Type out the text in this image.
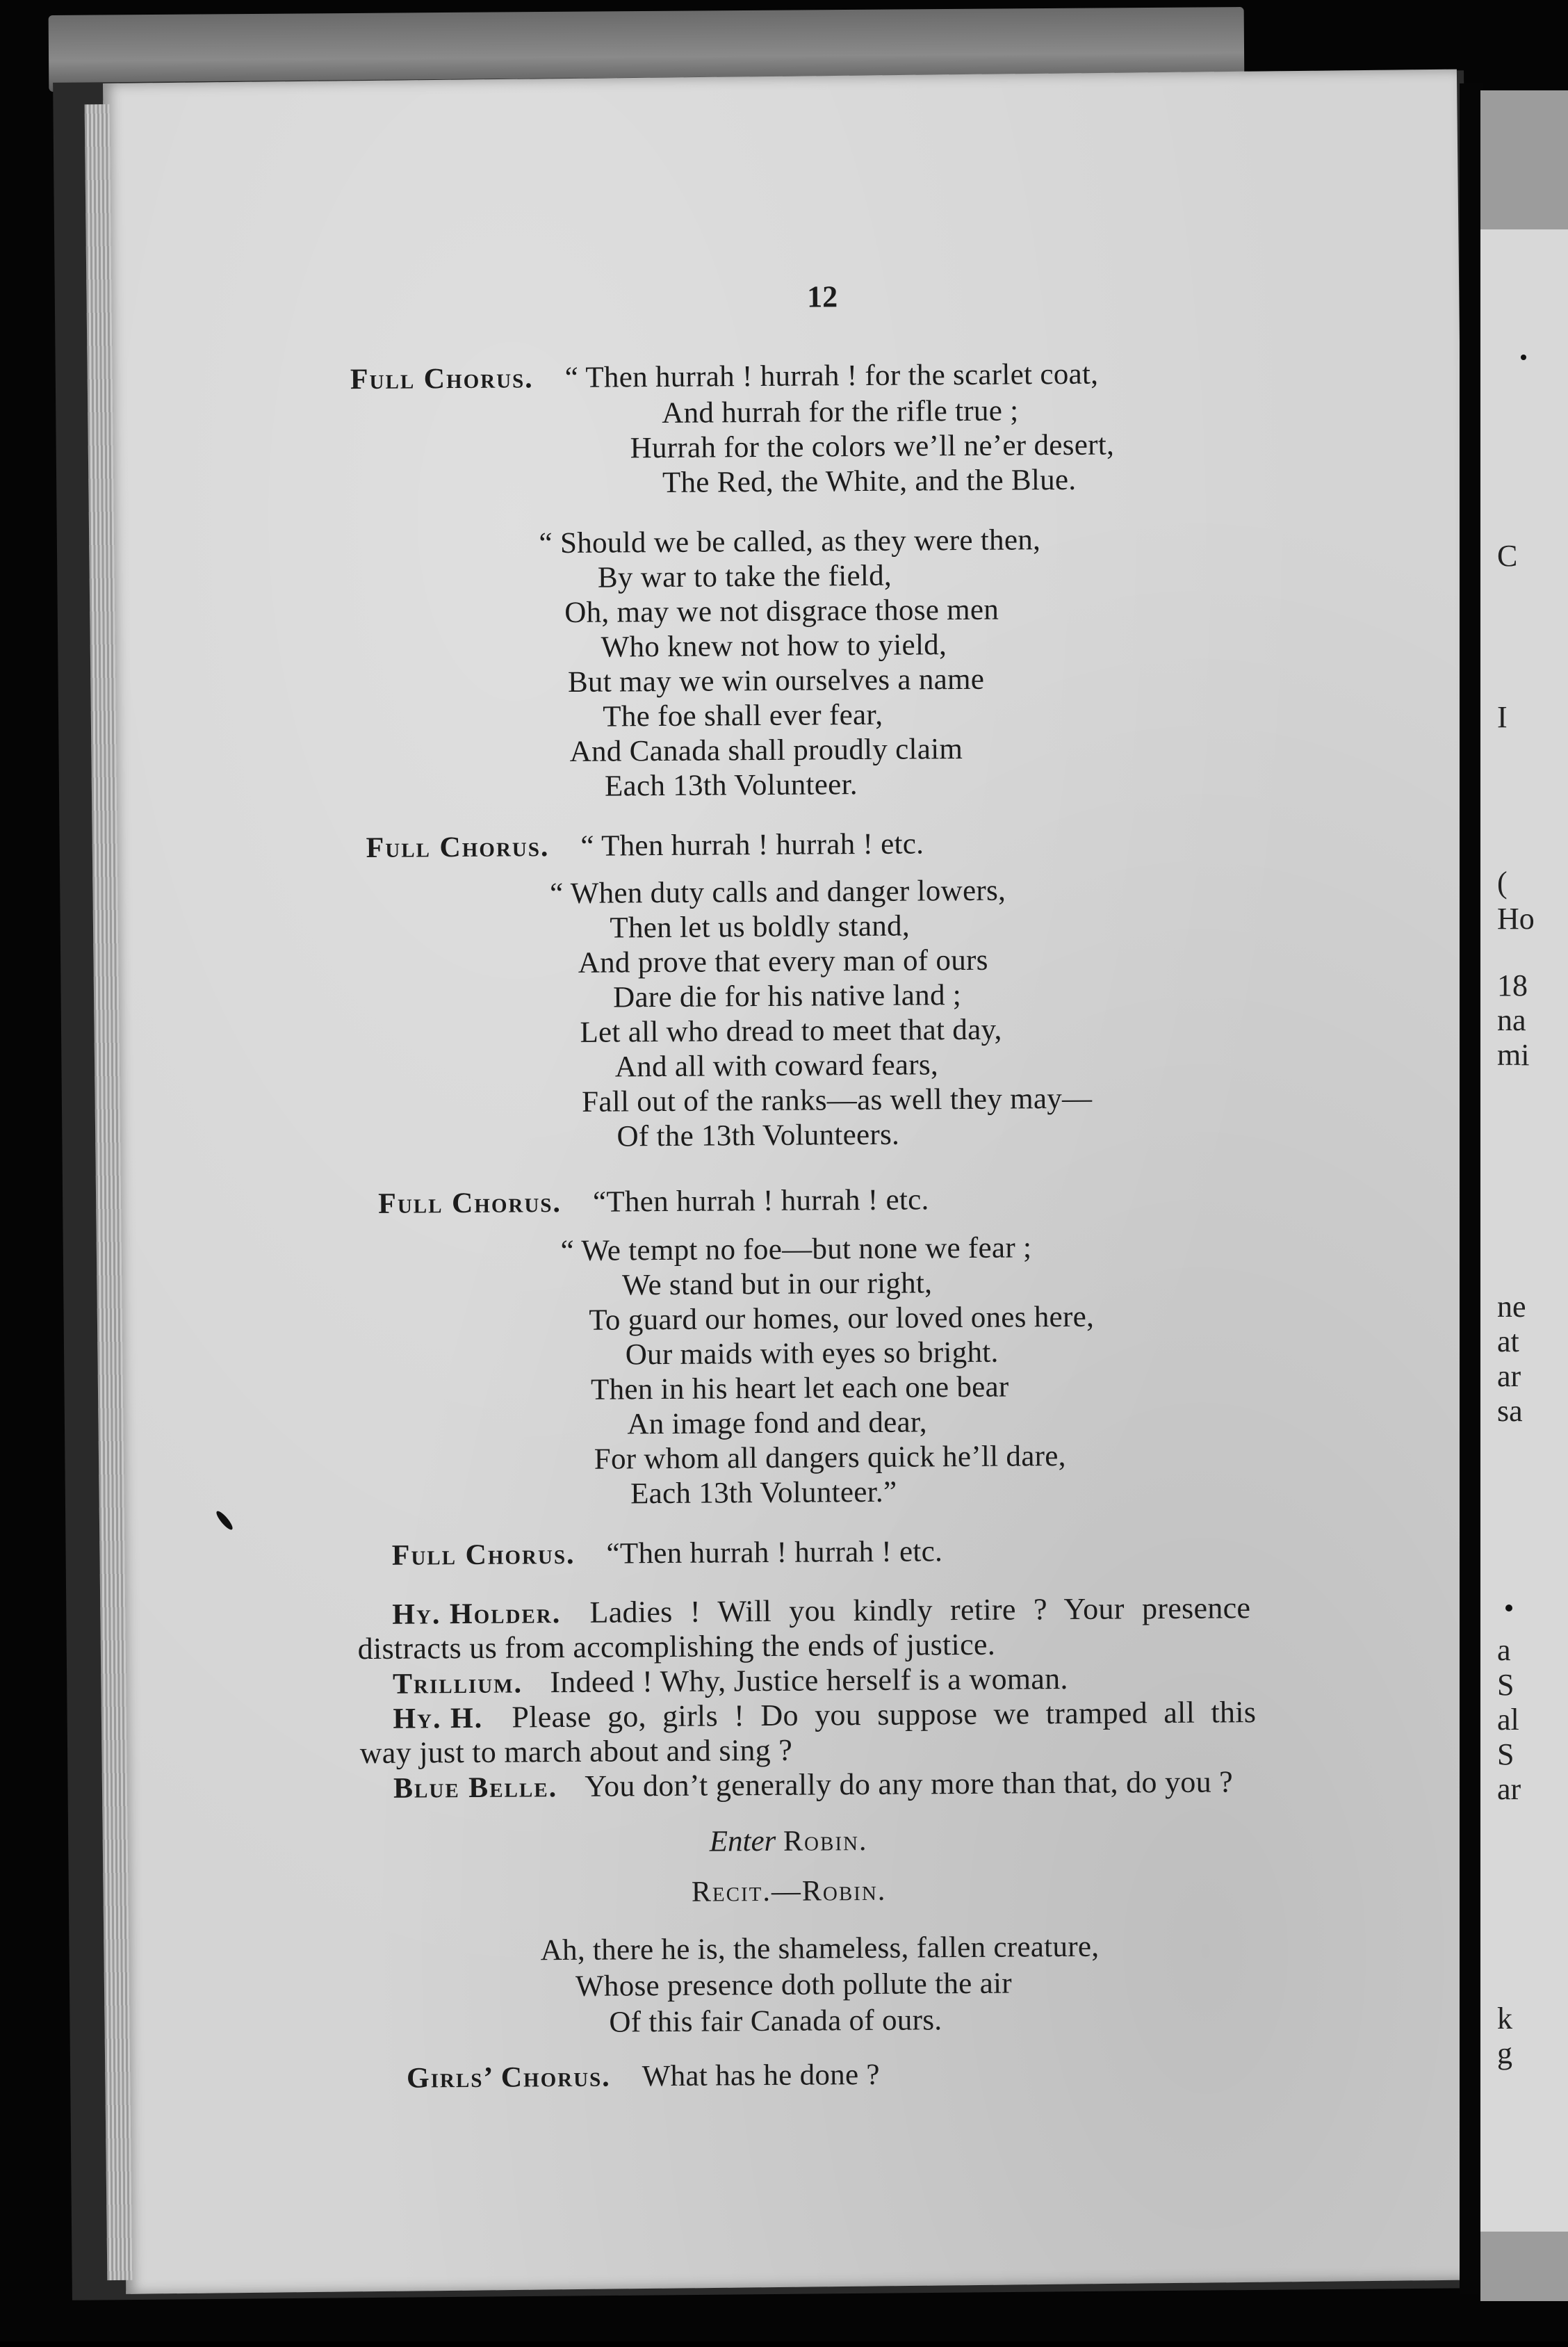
C
I
(
Ho
18
na
mi
ne
at
ar
sa
a
S
al
S
ar
k
g
12
Full Chorus. “ Then hurrah ! hurrah ! for the scarlet coat,
And hurrah for the rifle true ;
Hurrah for the colors we’ll ne’er desert,
The Red, the White, and the Blue.
“ Should we be called, as they were then,
By war to take the field,
Oh, may we not disgrace those men
Who knew not how to yield,
But may we win ourselves a name
The foe shall ever fear,
And Canada shall proudly claim
Each 13th Volunteer.
Full Chorus. “ Then hurrah ! hurrah ! etc.
“ When duty calls and danger lowers,
Then let us boldly stand,
And prove that every man of ours
Dare die for his native land ;
Let all who dread to meet that day,
And all with coward fears,
Fall out of the ranks—as well they may—
Of the 13th Volunteers.
Full Chorus. “Then hurrah ! hurrah ! etc.
“ We tempt no foe—but none we fear ;
We stand but in our right,
To guard our homes, our loved ones here,
Our maids with eyes so bright.
Then in his heart let each one bear
An image fond and dear,
For whom all dangers quick he’ll dare,
Each 13th Volunteer.”
Full Chorus. “Then hurrah ! hurrah ! etc.
Hy. Holder. Ladies ! Will you kindly retire ? Your presence
distracts us from accomplishing the ends of justice.
Trillium. Indeed ! Why, Justice herself is a woman.
Hy. H. Please go, girls ! Do you suppose we tramped all this
way just to march about and sing ?
Blue Belle. You don’t generally do any more than that, do you ?
Enter Robin.
Recit.—Robin.
Ah, there he is, the shameless, fallen creature,
Whose presence doth pollute the air
Of this fair Canada of ours.
Girls’ Chorus. What has he done ?
